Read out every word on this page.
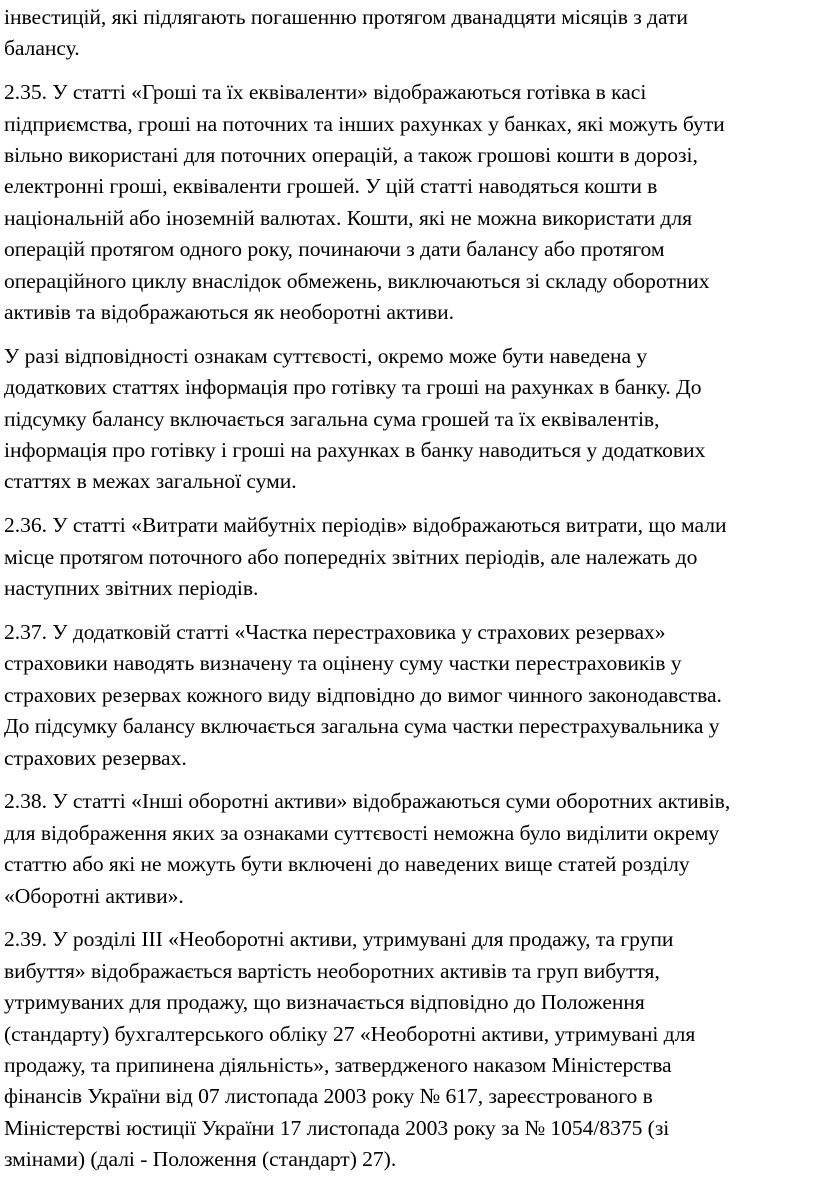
інвестицій, які підлягають погашенню протягом дванадцяти місяців з дати
балансу.
2.35. У статті «Гроші та їх еквіваленти» відображаються готівка в касі
підприємства, гроші на поточних та інших рахунках у банках, які можуть бути
вільно використані для поточних операцій, а також грошові кошти в дорозі,
електронні гроші, еквіваленти грошей. У цій статті наводяться кошти в
національній або іноземній валютах. Кошти, які не можна використати для
операцій протягом одного року, починаючи з дати балансу або протягом
операційного циклу внаслідок обмежень, виключаються зі складу оборотних
активів та відображаються як необоротні активи.
У разі відповідності ознакам суттєвості, окремо може бути наведена у
додаткових статтях інформація про готівку та гроші на рахунках в банку. До
підсумку балансу включається загальна сума грошей та їх еквівалентів,
інформація про готівку і гроші на рахунках в банку наводиться у додаткових
статтях в межах загальної суми.
2.36. У статті «Витрати майбутніх періодів» відображаються витрати, що мали
місце протягом поточного або попередніх звітних періодів, але належать до
наступних звітних періодів.
2.37. У додатковій статті «Частка перестраховика у страхових резервах»
страховики наводять визначену та оцінену суму частки перестраховиків у
страхових резервах кожного виду відповідно до вимог чинного законодавства.
До підсумку балансу включається загальна сума частки перестрахувальника у
страхових резервах.
2.38. У статті «Інші оборотні активи» відображаються суми оборотних активів,
для відображення яких за ознаками суттєвості неможна було виділити окрему
статтю або які не можуть бути включені до наведених вище статей розділу
«Оборотні активи».
2.39. У розділі ІІІ «Необоротні активи, утримувані для продажу, та групи
вибуття» відображається вартість необоротних активів та груп вибуття,
утримуваних для продажу, що визначається відповідно до Положення
(стандарту) бухгалтерського обліку 27 «Необоротні активи, утримувані для
продажу, та припинена діяльність», затвердженого наказом Міністерства
фінансів України від 07 листопада 2003 року № 617, зареєстрованого в
Міністерстві юстиції України 17 листопада 2003 року за № 1054/8375 (зі
змінами) (далі - Положення (стандарт) 27).
